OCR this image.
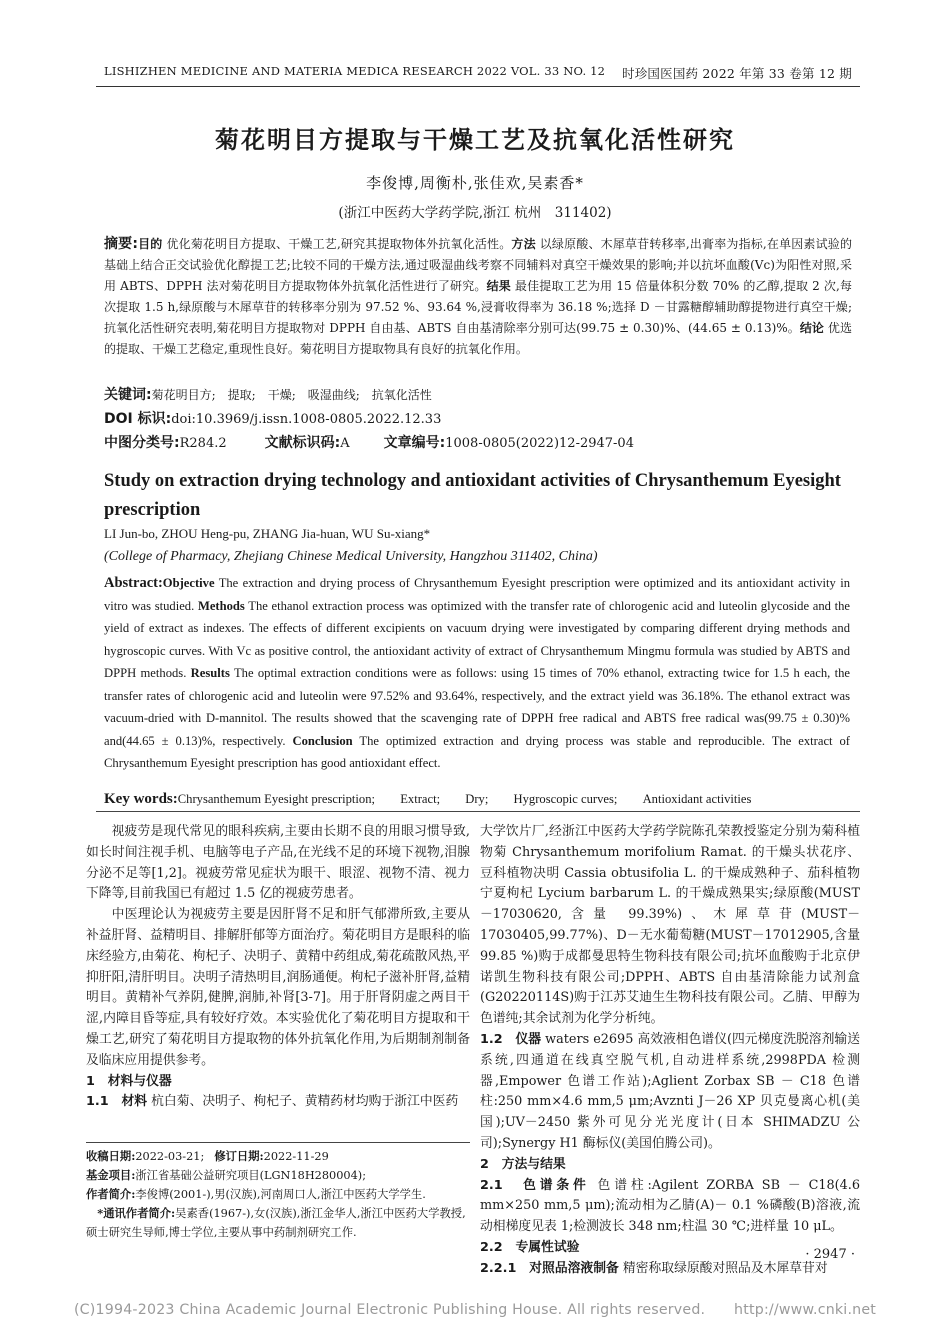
LISHIZHEN MEDICINE AND MATERIA MEDICA RESEARCH 2022 VOL. 33 NO. 12 时珍国医国药 2022 年第 33 卷第 12 期
菊花明目方提取与干燥工艺及抗氧化活性研究
李俊博,周衡朴,张佳欢,吴素香*
(浙江中医药大学药学院,浙江 杭州　311402)
摘要:目的 优化菊花明目方提取、干燥工艺,研究其提取物体外抗氧化活性。方法 以绿原酸、木犀草苷转移率,出膏率为指标,在单因素试验的基础上结合正交试验优化醇提工艺;比较不同的干燥方法,通过吸湿曲线考察不同辅料对真空干燥效果的影响;并以抗坏血酸(Vc)为阳性对照,采用 ABTS、DPPH 法对菊花明目方提取物体外抗氧化活性进行了研究。结果 最佳提取工艺为用 15 倍量体积分数 70% 的乙醇,提取 2 次,每次提取 1.5 h,绿原酸与木犀草苷的转移率分别为 97.52 %、93.64 %,浸膏收得率为 36.18 %;选择 D －甘露糖醇辅助醇提物进行真空干燥;抗氧化活性研究表明,菊花明目方提取物对 DPPH 自由基、ABTS 自由基清除率分别可达(99.75 ± 0.30)%、(44.65 ± 0.13)%。结论 优选的提取、干燥工艺稳定,重现性良好。菊花明目方提取物具有良好的抗氧化作用。
关键词:菊花明目方;　提取;　干燥;　吸湿曲线;　抗氧化活性
DOI 标识:doi:10.3969/j.issn.1008-0805.2022.12.33
中图分类号:R284.2	文献标识码:A 文章编号:1008-0805(2022)12-2947-04
Study on extraction drying technology and antioxidant activities of Chrysanthemum Eyesight prescription
LI Jun-bo, ZHOU Heng-pu, ZHANG Jia-huan, WU Su-xiang*
(College of Pharmacy, Zhejiang Chinese Medical University, Hangzhou 311402, China)
Abstract:Objective The extraction and drying process of Chrysanthemum Eyesight prescription were optimized and its antioxidant activity in vitro was studied. Methods The ethanol extraction process was optimized with the transfer rate of chlorogenic acid and luteolin glycoside and the yield of extract as indexes. The effects of different excipients on vacuum drying were investigated by comparing different drying methods and hygroscopic curves. With Vc as positive control, the antioxidant activity of extract of Chrysanthemum Mingmu formula was studied by ABTS and DPPH methods. Results The optimal extraction conditions were as follows: using 15 times of 70% ethanol, extracting twice for 1.5 h each, the transfer rates of chlorogenic acid and luteolin were 97.52% and 93.64%, respectively, and the extract yield was 36.18%. The ethanol extract was vacuum-dried with D-mannitol. The results showed that the scavenging rate of DPPH free radical and ABTS free radical was(99.75 ± 0.30)% and(44.65 ± 0.13)%, respectively. Conclusion The optimized extraction and drying process was stable and reproducible. The extract of Chrysanthemum Eyesight prescription has good antioxidant effect.
Key words:Chrysanthemum Eyesight prescription;　　Extract;　　Dry;　　Hygroscopic curves;　　Antioxidant activities

视疲劳是现代常见的眼科疾病,主要由长期不良的用眼习惯导致,如长时间注视手机、电脑等电子产品,在光线不足的环境下视物,泪腺分泌不足等[1,2]。视疲劳常见症状为眼干、眼涩、视物不清、视力下降等,目前我国已有超过 1.5 亿的视疲劳患者。

中医理论认为视疲劳主要是因肝肾不足和肝气郁滞所致,主要从补益肝肾、益精明目、排解肝郁等方面治疗。菊花明目方是眼科的临床经验方,由菊花、枸杞子、决明子、黄精中药组成,菊花疏散风热,平抑肝阳,清肝明目。决明子清热明目,润肠通便。枸杞子滋补肝肾,益精明目。黄精补气养阴,健脾,润肺,补肾[3-7]。用于肝肾阴虚之两目干涩,内障目昏等症,具有较好疗效。本实验优化了菊花明目方提取和干燥工艺,研究了菊花明目方提取物的体外抗氧化作用,为后期制剂制备及临床应用提供参考。

1　材料与仪器

1.1　材料 杭白菊、决明子、枸杞子、黄精药材均购于浙江中医药

收稿日期:2022-03-21; 修订日期:2022-11-29

基金项目:浙江省基础公益研究项目(LGN18H280004);

作者简介:李俊博(2001-),男(汉族),河南周口人,浙江中医药大学学生.

*通讯作者简介:吴素香(1967-),女(汉族),浙江金华人,浙江中医药大学教授,硕士研究生导师,博士学位,主要从事中药制剂研究工作.

大学饮片厂,经浙江中医药大学药学院陈孔荣教授鉴定分别为菊科植物菊 Chrysanthemum morifolium Ramat. 的干燥头状花序、豆科植物决明 Cassia obtusifolia L. 的干燥成熟种子、茄科植物宁夏枸杞 Lycium barbarum L. 的干燥成熟果实;绿原酸(MUST－17030620,含量 99.39%)、木犀草苷(MUST－17030405,99.77%)、D－无水葡萄糖(MUST－17012905,含量 99.85 %)购于成都曼思特生物科技有限公司;抗坏血酸购于北京伊诺凯生物科技有限公司;DPPH、ABTS 自由基清除能力试剂盒(G20220114S)购于江苏艾迪生生物科技有限公司。乙腈、甲醇为色谱纯;其余试剂为化学分析纯。

1.2　仪器 waters e2695 高效液相色谱仪(四元梯度洗脱溶剂输送系统,四通道在线真空脱气机,自动进样系统,2998PDA 检测器,Empower 色谱工作站);Aglient Zorbax SB － C18 色谱柱:250 mm×4.6 mm,5 μm;Avznti J－26 XP 贝克曼离心机(美国);UV－2450 紫外可见分光光度计(日本 SHIMADZU 公司);Synergy H1 酶标仪(美国伯腾公司)。

2　方法与结果

2.1　色谱条件 色谱柱:Agilent ZORBA SB － C18(4.6 mm×250 mm,5 μm);流动相为乙腈(A)－ 0.1 %磷酸(B)溶液,流动相梯度见表 1;检测波长 348 nm;柱温 30 ℃;进样量 10 μL。

2.2　专属性试验

2.2.1　对照品溶液制备 精密称取绿原酸对照品及木犀草苷对

· 2947 ·
(C)1994-2023 China Academic Journal Electronic Publishing House. All rights reserved.　　http://www.cnki.net
